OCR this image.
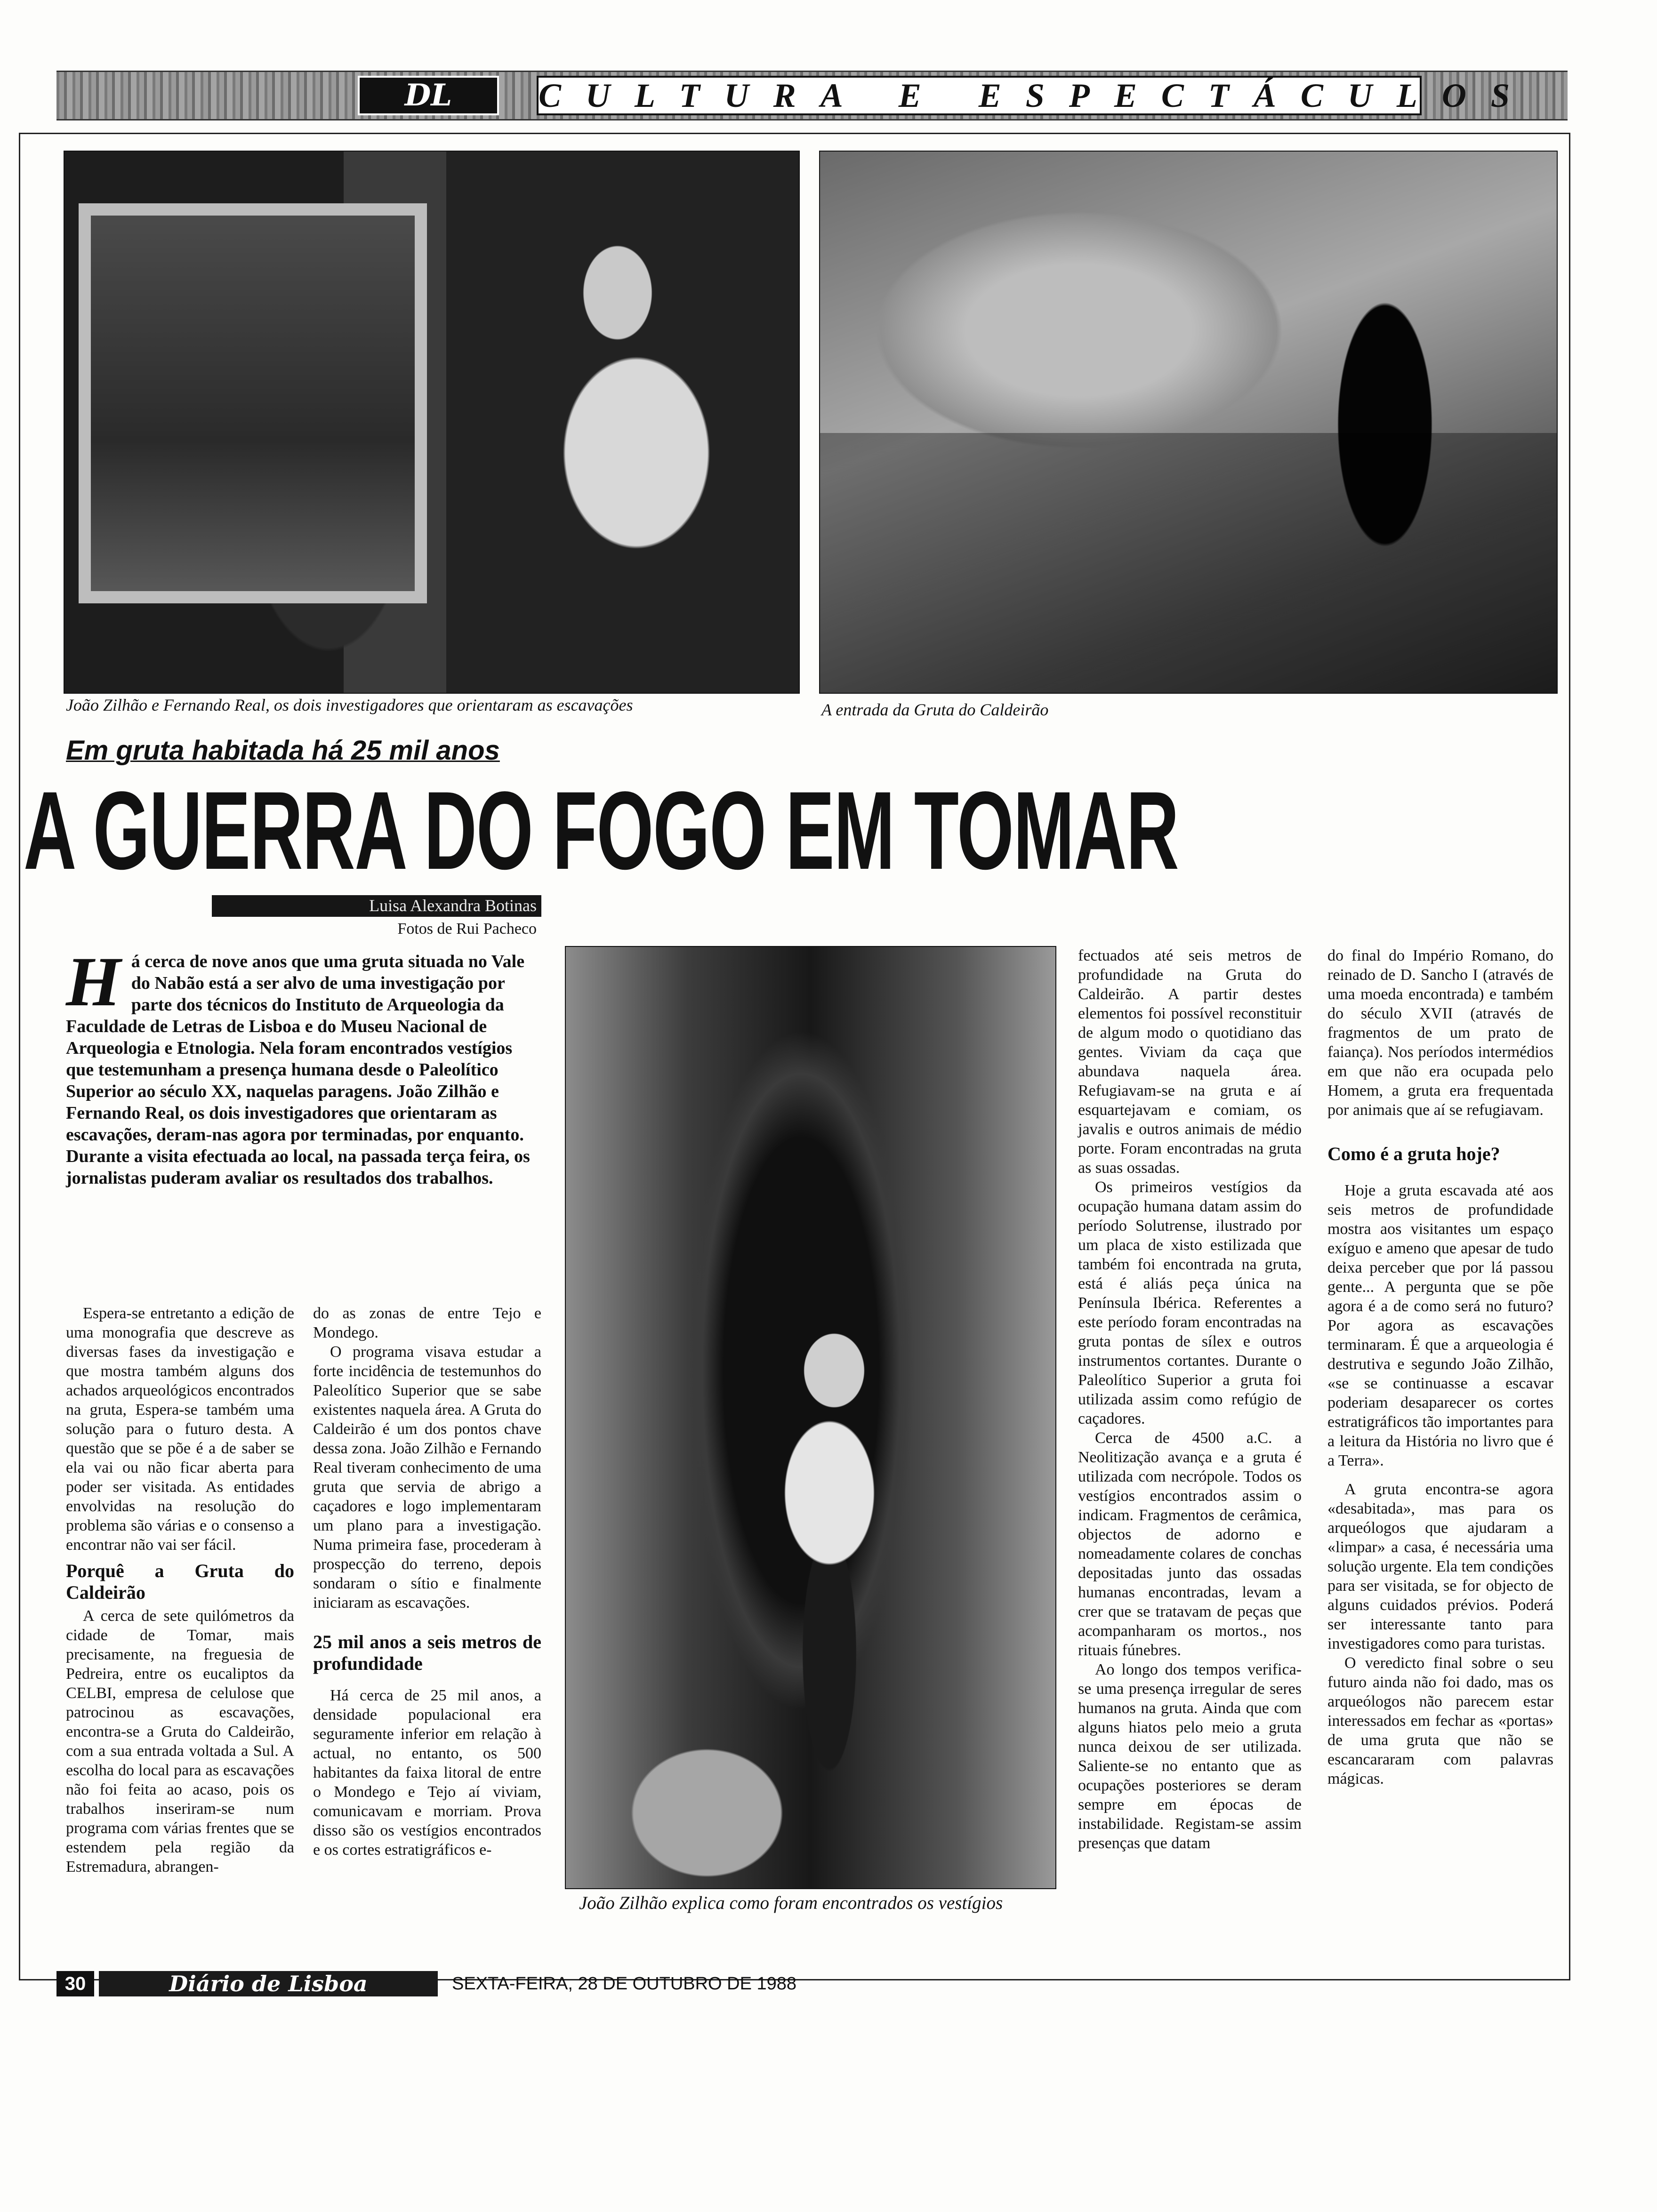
DL	CULTURA E ESPECTÁCULOS
João Zilhão e Fernando Real, os dois investigadores que orientaram as escavações	A entrada da Gruta do Caldeirão
Em gruta habitada há 25 mil anos
A GUERRA DO FOGO EM TOMAR
Luisa Alexandra Botinas
Fotos de Rui Pacheco
Há cerca de nove anos que uma gruta situada no Vale do Nabão está a ser alvo de uma investigação por parte dos técnicos do Instituto de Arqueologia da Faculdade de Letras de Lisboa e do Museu Nacional de Arqueologia e Etnologia. Nela foram encontrados vestígios que testemunham a presença humana desde o Paleolítico Superior ao século XX, naquelas paragens. João Zilhão e Fernando Real, os dois investigadores que orientaram as escavações, deram-nas agora por terminadas, por enquanto. Durante a visita efectuada ao local, na passada terça feira, os jornalistas puderam avaliar os resultados dos trabalhos.

Espera-se entretanto a edição de uma monografia que descreve as diversas fases da investigação e que mostra também alguns dos achados arqueológicos encontrados na gruta, Espera-se também uma solução para o futuro desta. A questão que se põe é a de saber se ela vai ou não ficar aberta para poder ser visitada. As entidades envolvidas na resolução do problema são várias e o consenso a encontrar não vai ser fácil.

Porquê a Gruta do Caldeirão

A cerca de sete quilómetros da cidade de Tomar, mais precisamente, na freguesia de Pedreira, entre os eucaliptos da CELBI, empresa de celulose que patrocinou as escavações, encontra-se a Gruta do Caldeirão, com a sua entrada voltada a Sul. A escolha do local para as escavações não foi feita ao acaso, pois os trabalhos inseriram-se num programa com várias frentes que se estendem pela região da Estremadura, abrangen-

do as zonas de entre Tejo e Mondego.

O programa visava estudar a forte incidência de testemunhos do Paleolítico Superior que se sabe existentes naquela área. A Gruta do Caldeirão é um dos pontos chave dessa zona. João Zilhão e Fernando Real tiveram conhecimento de uma gruta que servia de abrigo a caçadores e logo implementaram um plano para a investigação. Numa primeira fase, procederam à prospecção do terreno, depois sondaram o sítio e finalmente iniciaram as escavações.

25 mil anos a seis metros de profundidade

Há cerca de 25 mil anos, a densidade populacional era seguramente inferior em relação à actual, no entanto, os 500 habitantes da faixa litoral de entre o Mondego e Tejo aí viviam, comunicavam e morriam. Prova disso são os vestígios encontrados e os cortes estratigráficos e-

João Zilhão explica como foram encontrados os vestígios

fectuados até seis metros de profundidade na Gruta do Caldeirão. A partir destes elementos foi possível reconstituir de algum modo o quotidiano das gentes. Viviam da caça que abundava naquela área. Refugiavam-se na gruta e aí esquartejavam e comiam, os javalis e outros animais de médio porte. Foram encontradas na gruta as suas ossadas.

Os primeiros vestígios da ocupação humana datam assim do período Solutrense, ilustrado por um placa de xisto estilizada que também foi encontrada na gruta, está é aliás peça única na Península Ibérica. Referentes a este período foram encontradas na gruta pontas de sílex e outros instrumentos cortantes. Durante o Paleolítico Superior a gruta foi utilizada assim como refúgio de caçadores.

Cerca de 4500 a.C. a Neolitização avança e a gruta é utilizada com necrópole. Todos os vestígios encontrados assim o indicam. Fragmentos de cerâmica, objectos de adorno e nomeadamente colares de conchas depositadas junto das ossadas humanas encontradas, levam a crer que se tratavam de peças que acompanharam os mortos., nos rituais fúnebres.

Ao longo dos tempos verifica-se uma presença irregular de seres humanos na gruta. Ainda que com alguns hiatos pelo meio a gruta nunca deixou de ser utilizada. Saliente-se no entanto que as ocupações posteriores se deram sempre em épocas de instabilidade. Registam-se assim presenças que datam

do final do Império Romano, do reinado de D. Sancho I (através de uma moeda encontrada) e também do século XVII (através de fragmentos de um prato de faiança). Nos períodos intermédios em que não era ocupada pelo Homem, a gruta era frequentada por animais que aí se refugiavam.

Como é a gruta hoje?

Hoje a gruta escavada até aos seis metros de profundidade mostra aos visitantes um espaço exíguo e ameno que apesar de tudo deixa perceber que por lá passou gente... A pergunta que se põe agora é a de como será no futuro? Por agora as escavações terminaram. É que a arqueologia é destrutiva e segundo João Zilhão, «se se continuasse a escavar poderiam desaparecer os cortes estratigráficos tão importantes para a leitura da História no livro que é a Terra».

A gruta encontra-se agora «desabitada», mas para os arqueólogos que ajudaram a «limpar» a casa, é necessária uma solução urgente. Ela tem condições para ser visitada, se for objecto de alguns cuidados prévios. Poderá ser interessante tanto para investigadores como para turistas.

O veredicto final sobre o seu futuro ainda não foi dado, mas os arqueólogos não parecem estar interessados em fechar as «portas» de uma gruta que não se escancararam com palavras mágicas.

30	Diário de Lisboa	SEXTA-FEIRA, 28 DE OUTUBRO DE 1988
